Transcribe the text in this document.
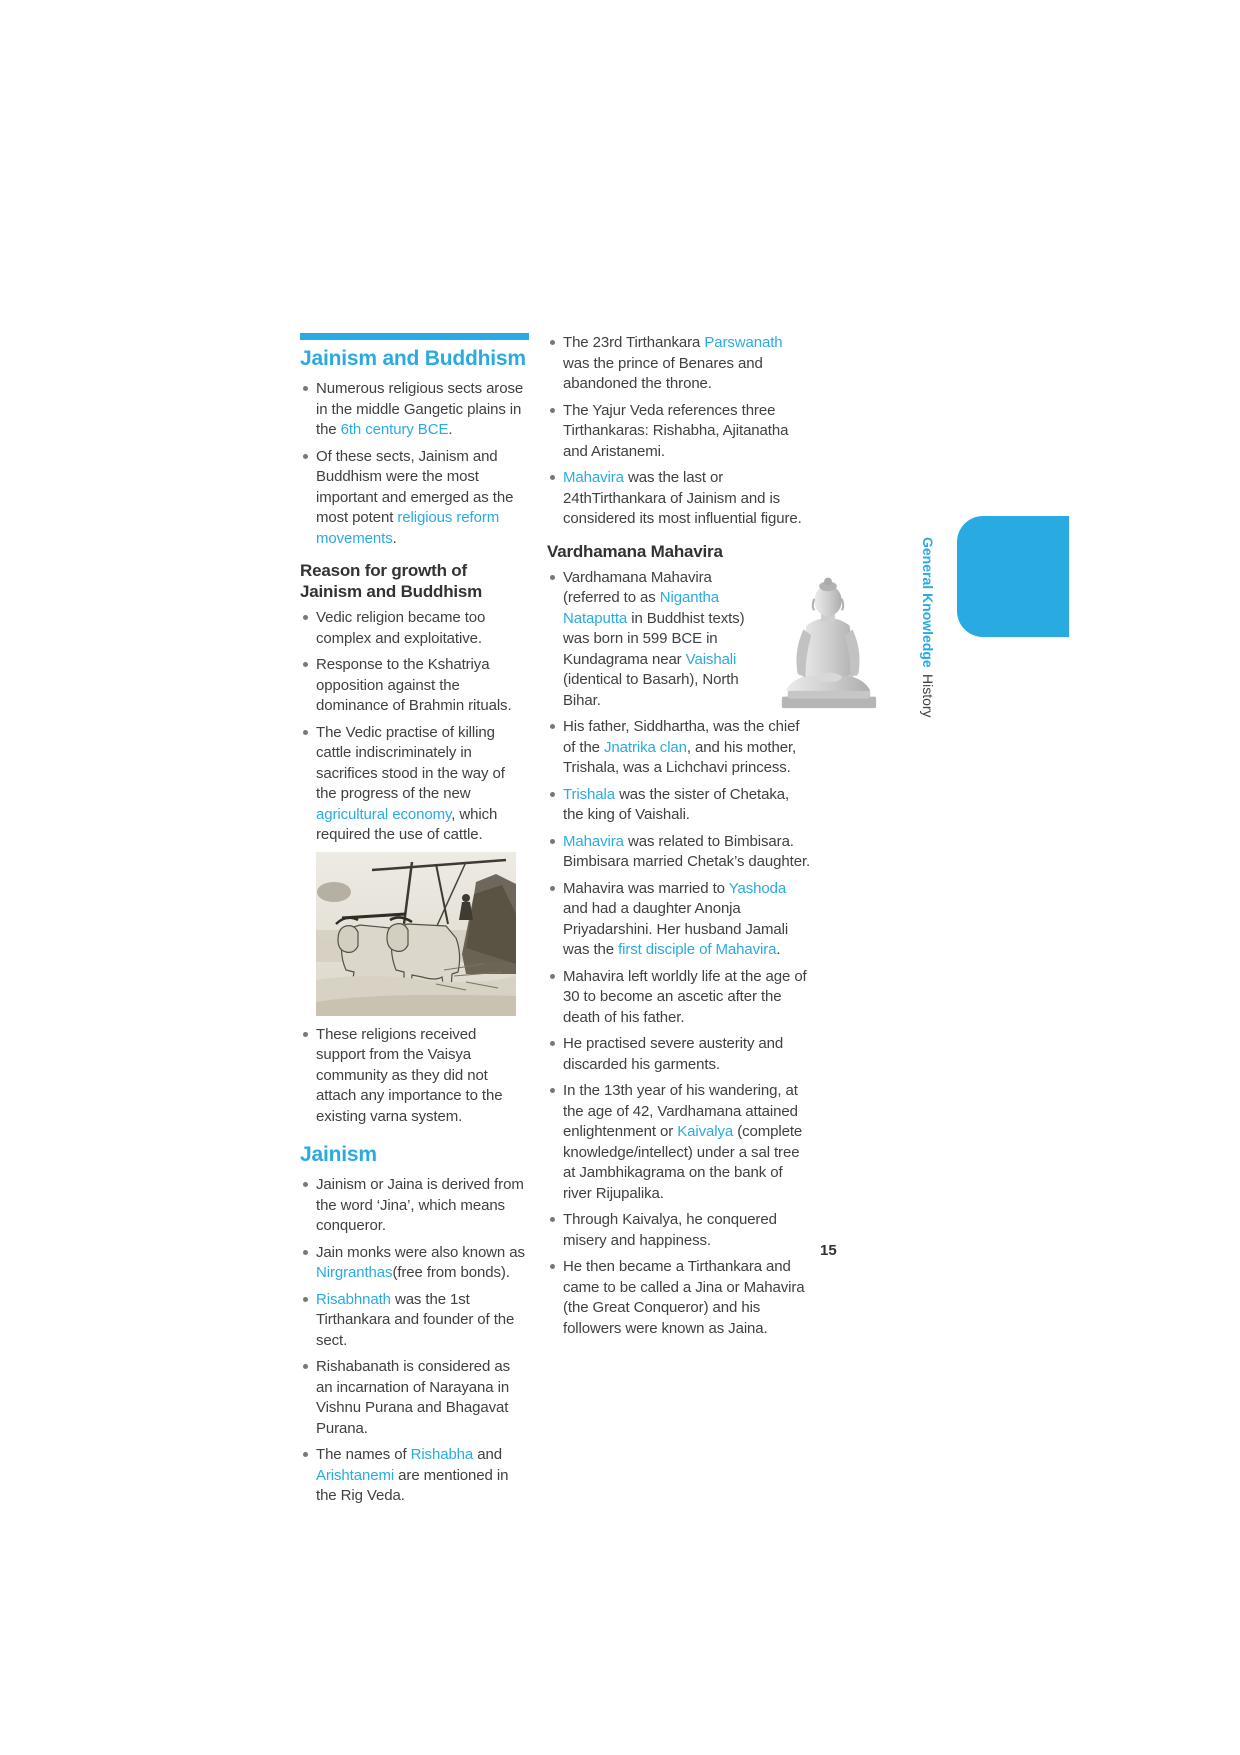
Jainism and Buddhism
Numerous religious sects arose in the middle Gangetic plains in the 6th century BCE.
Of these sects, Jainism and Buddhism were the most important and emerged as the most potent religious reform movements.
Reason for growth of Jainism and Buddhism
Vedic religion became too complex and exploitative.
Response to the Kshatriya opposition against the dominance of Brahmin rituals.
The Vedic practise of killing cattle indiscriminately in sacrifices stood in the way of the progress of the new agricultural economy, which required the use of cattle.
These religions received support from the Vaisya community as they did not attach any importance to the existing varna system.
Jainism
Jainism or Jaina is derived from the word ‘Jina’, which means conqueror.
Jain monks were also known as Nirgranthas(free from bonds).
Risabhnath was the 1st Tirthankara and founder of the sect.
Rishabanath is considered as an incarnation of Narayana in Vishnu Purana and Bhagavat Purana.
The names of Rishabha and Arishtanemi are mentioned in the Rig Veda.
The 23rd Tirthankara Parswanath was the prince of Benares and abandoned the throne.
The Yajur Veda references three Tirthankaras: Rishabha, Ajitanatha and Aristanemi.
Mahavira was the last or 24thTirthankara of Jainism and is considered its most influential figure.
Vardhamana Mahavira
Vardhamana Mahavira (referred to as Nigantha Nataputta in Buddhist texts) was born in 599 BCE in Kundagrama near Vaishali (identical to Basarh), North Bihar.
His father, Siddhartha, was the chief of the Jnatrika clan, and his mother, Trishala, was a Lichchavi princess.
Trishala was the sister of Chetaka, the king of Vaishali.
Mahavira was related to Bimbisara. Bimbisara married Chetak’s daughter.
Mahavira was married to Yashoda and had a daughter Anonja Priyadarshini. Her husband Jamali was the first disciple of Mahavira.
Mahavira left worldly life at the age of 30 to become an ascetic after the death of his father.
He practised severe austerity and discarded his garments.
In the 13th year of his wandering, at the age of 42, Vardhamana attained enlightenment or Kaivalya (complete knowledge/intellect) under a sal tree at Jambhikagrama on the bank of river Rijupalika.
Through Kaivalya, he conquered misery and happiness.
He then became a Tirthankara and came to be called a Jina or Mahavira (the Great Conqueror) and his followers were known as Jaina.
General KnowledgeHistory
15
